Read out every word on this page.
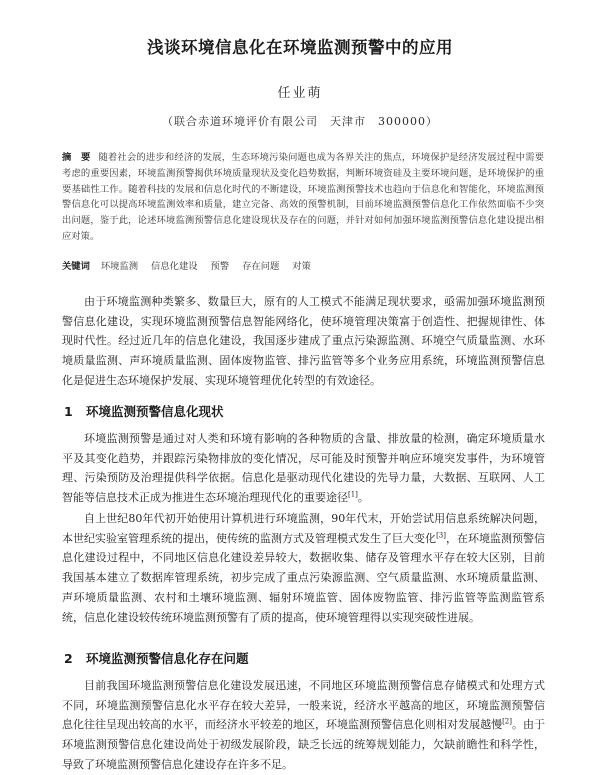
浅谈环境信息化在环境监测预警中的应用
任业萌
（联合赤道环境评价有限公司　天津市　300000）
摘　要 随着社会的进步和经济的发展，生态环境污染问题也成为各界关注的焦点，环境保护是经济发展过程中需要考虑的重要因素，环境监测预警揭供环境质量现状及变化趋势数据，判断环境资硅及主要环境问题，是环境保护的重要基础性工作。随着科技的发展和信息化时代的不断建设，环境监测预警技术也趋向于信息化和智能化，环境监测预警信息化可以提高环境监测效率和质量，建立完备、高效的预警机制，目前环境监测预警信息化工作依然面临不少突出问题，鉴于此，论述环境监测预警信息化建设现状及存在的问题，并针对如何加强环境监测预警信息化建设提出相应对策。
关键词 环境监测 信息化建设 预警 存在问题 对策

由于环境监测种类繁多、数量巨大，原有的人工模式不能满足现状要求，亟需加强环境监测预警信息化建设，实现环境监测预警信息智能网络化，使环境管理决策富于创造性、把握规律性、体现时代性。经过近几年的信息化建设，我国逐步建成了重点污染源监测、环境空气质量监测、水环境质量监测、声环境质量监测、固体废物监管、排污监管等多个业务应用系统，环境监测预警信息化是促进生态环境保护发展、实现环境管理优化转型的有效途径。

1 环境监测预警信息化现状

环境监测预警是通过对人类和环境有影响的各种物质的含量、排放量的检测，确定环境质量水平及其变化趋势，并跟踪污染物排放的变化情况，尽可能及时预警并响应环境突发事件，为环境管理、污染预防及治理提供科学依据。信息化是驱动现代化建设的先导力量，大数据、互联网、人工智能等信息技术正成为推进生态环境治理现代化的重要途径[1]。

自上世纪80年代初开始使用计算机进行环境监测，90年代末，开始尝试用信息系统解决问题，本世纪实验室管理系统的提出，使传统的监测方式及管理模式发生了巨大变化[3]，在环境监测预警信息化建设过程中，不同地区信息化建设差异较大，数据收集、储存及管理水平存在较大区别，目前我国基本建立了数据库管理系统，初步完成了重点污染源监测、空气质量监测、水环境质量监测、声环境质量监测、农村和土壤环境监测、辐射环境监管、固体废物监管、排污监管等监测监管系统，信息化建设较传统环境监测预警有了质的提高，使环境管理得以实现突破性进展。

2 环境监测预警信息化存在问题

目前我国环境监测预警信息化建设发展迅速，不同地区环境监测预警信息存储模式和处理方式不同，环境监测预警信息化水平存在较大差异，一般来说，经济水平越高的地区，环境监测预警信息化往往呈现出较高的水平，而经济水平较差的地区，环境监测预警信息化则相对发展越慢[2]。由于环境监测预警信息化建设尚处于初级发展阶段，缺乏长远的统筹规划能力，欠缺前瞻性和科学性，导致了环境监测预警信息化建设存在许多不足。
